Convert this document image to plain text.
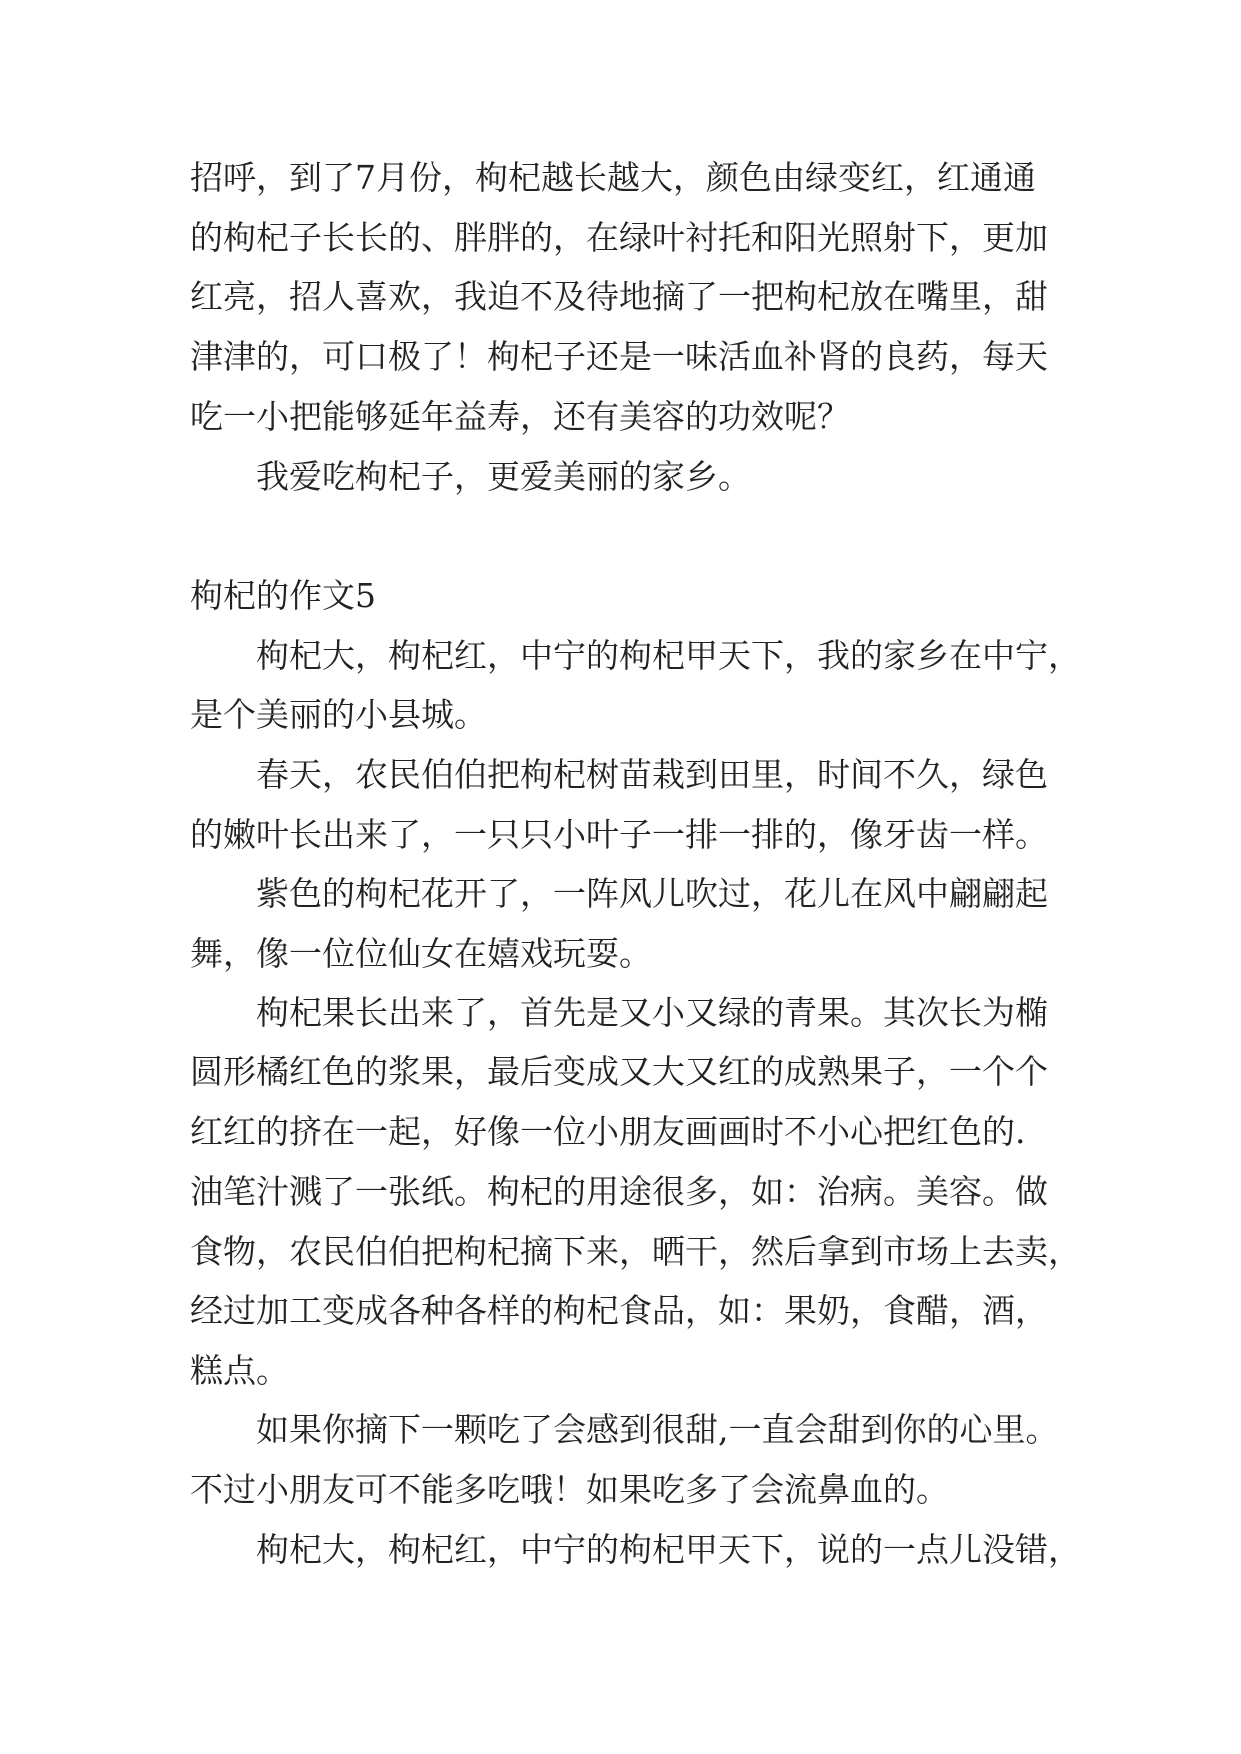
招呼，到了7月份，枸杞越长越大，颜色由绿变红，红通通
的枸杞子长长的、胖胖的，在绿叶衬托和阳光照射下，更加
红亮，招人喜欢，我迫不及待地摘了一把枸杞放在嘴里，甜
津津的，可口极了！枸杞子还是一味活血补肾的良药，每天
吃一小把能够延年益寿，还有美容的功效呢？
我爱吃枸杞子，更爱美丽的家乡。
枸杞的作文5
枸杞大，枸杞红，中宁的枸杞甲天下，我的家乡在中宁，
是个美丽的小县城。
春天，农民伯伯把枸杞树苗栽到田里，时间不久，绿色
的嫩叶长出来了，一只只小叶子一排一排的，像牙齿一样。
紫色的枸杞花开了，一阵风儿吹过，花儿在风中翩翩起
舞，像一位位仙女在嬉戏玩耍。
枸杞果长出来了，首先是又小又绿的青果。其次长为椭
圆形橘红色的浆果，最后变成又大又红的成熟果子，一个个
红红的挤在一起，好像一位小朋友画画时不小心把红色的.
油笔汁溅了一张纸。枸杞的用途很多，如：治病。美容。做
食物，农民伯伯把枸杞摘下来，晒干，然后拿到市场上去卖，
经过加工变成各种各样的枸杞食品，如：果奶，食醋，酒，
糕点。
如果你摘下一颗吃了会感到很甜,一直会甜到你的心里。
不过小朋友可不能多吃哦！如果吃多了会流鼻血的。
枸杞大，枸杞红，中宁的枸杞甲天下，说的一点儿没错，
